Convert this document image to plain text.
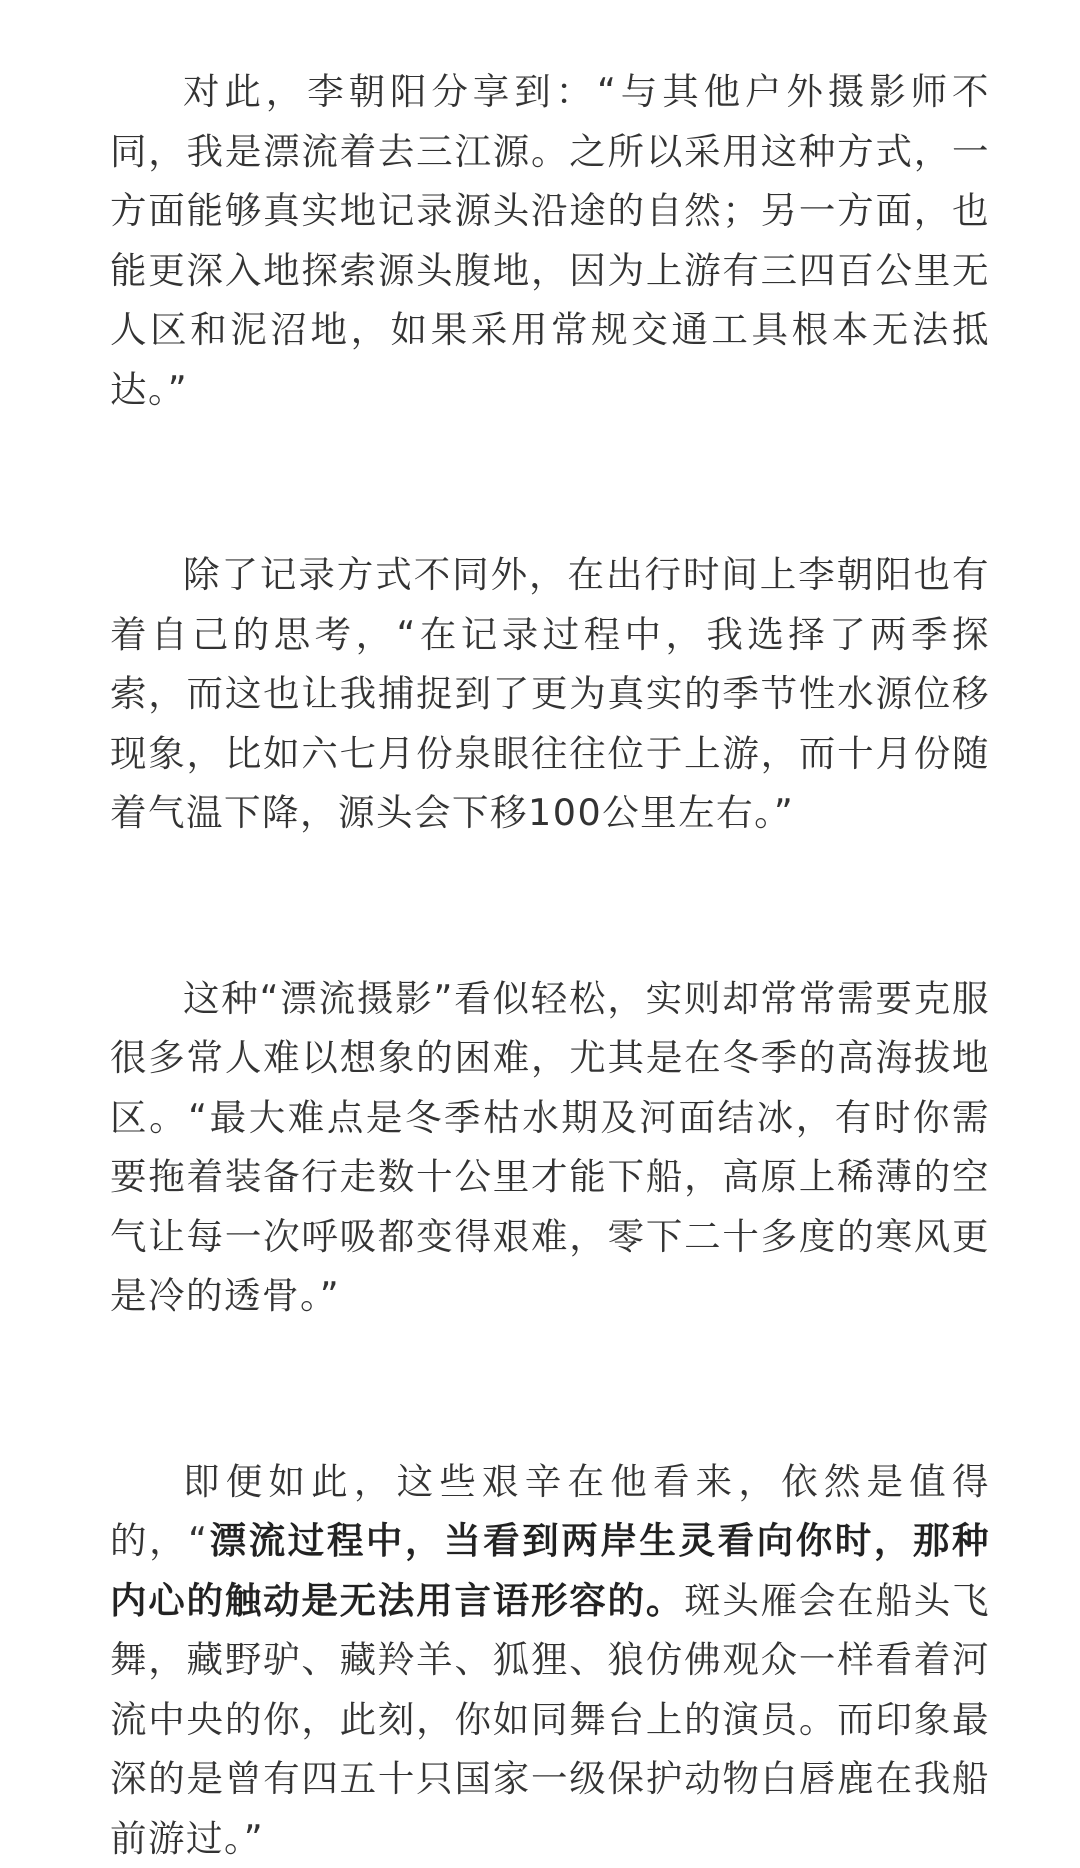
对此，李朝阳分享到：“与其他户外摄影师不同，我是漂流着去三江源。之所以采用这种方式，一方面能够真实地记录源头沿途的自然；另一方面，也能更深入地探索源头腹地，因为上游有三四百公里无人区和泥沼地，如果采用常规交通工具根本无法抵达。”

除了记录方式不同外，在出行时间上李朝阳也有着自己的思考，“在记录过程中，我选择了两季探索，而这也让我捕捉到了更为真实的季节性水源位移现象，比如六七月份泉眼往往位于上游，而十月份随着气温下降，源头会下移100公里左右。”

这种“漂流摄影”看似轻松，实则却常常需要克服很多常人难以想象的困难，尤其是在冬季的高海拔地区。“最大难点是冬季枯水期及河面结冰，有时你需要拖着装备行走数十公里才能下船，高原上稀薄的空气让每一次呼吸都变得艰难，零下二十多度的寒风更是冷的透骨。”

即便如此，这些艰辛在他看来，依然是值得的，“漂流过程中，当看到两岸生灵看向你时，那种内心的触动是无法用言语形容的。斑头雁会在船头飞舞，藏野驴、藏羚羊、狐狸、狼仿佛观众一样看着河流中央的你，此刻，你如同舞台上的演员。而印象最深的是曾有四五十只国家一级保护动物白唇鹿在我船前游过。”
